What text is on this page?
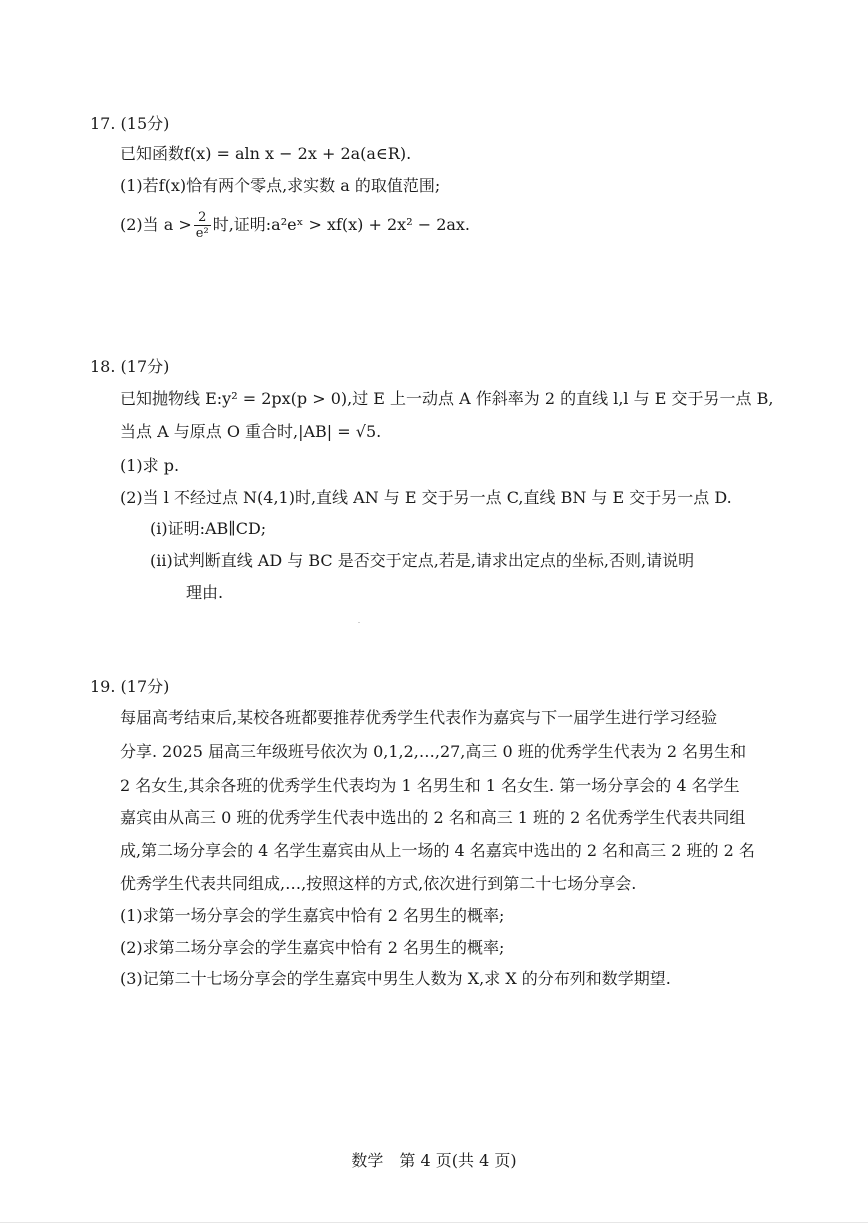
17. (15分)
已知函数f(x) = aln x − 2x + 2a(a∈R).
(1)若f(x)恰有两个零点,求实数 a 的取值范围;
(2)当 $a > \frac{2}{\text{e²}}$ 时,证明:a²eˣ > xf(x) + 2x² − 2ax.
18. (17分)
已知抛物线 E:y² = 2px(p > 0),过 E 上一动点 A 作斜率为 2 的直线 l,l 与 E 交于另一点 B,
当点 A 与原点 O 重合时,|AB| = √5.
(1)求 p.
(2)当 l 不经过点 N(4,1)时,直线 AN 与 E 交于另一点 C,直线 BN 与 E 交于另一点 D.
(ⅰ)证明:AB∥CD;
(ⅱ)试判断直线 AD 与 BC 是否交于定点,若是,请求出定点的坐标,否则,请说明
理由.
19. (17分)
每届高考结束后,某校各班都要推荐优秀学生代表作为嘉宾与下一届学生进行学习经验
分享. 2025 届高三年级班号依次为 0,1,2,…,27,高三 0 班的优秀学生代表为 2 名男生和
2 名女生,其余各班的优秀学生代表均为 1 名男生和 1 名女生. 第一场分享会的 4 名学生
嘉宾由从高三 0 班的优秀学生代表中选出的 2 名和高三 1 班的 2 名优秀学生代表共同组
成,第二场分享会的 4 名学生嘉宾由从上一场的 4 名嘉宾中选出的 2 名和高三 2 班的 2 名
优秀学生代表共同组成,…,按照这样的方式,依次进行到第二十七场分享会.
(1)求第一场分享会的学生嘉宾中恰有 2 名男生的概率;
(2)求第二场分享会的学生嘉宾中恰有 2 名男生的概率;
(3)记第二十七场分享会的学生嘉宾中男生人数为 X,求 X 的分布列和数学期望.
数学　第 4 页(共 4 页)
